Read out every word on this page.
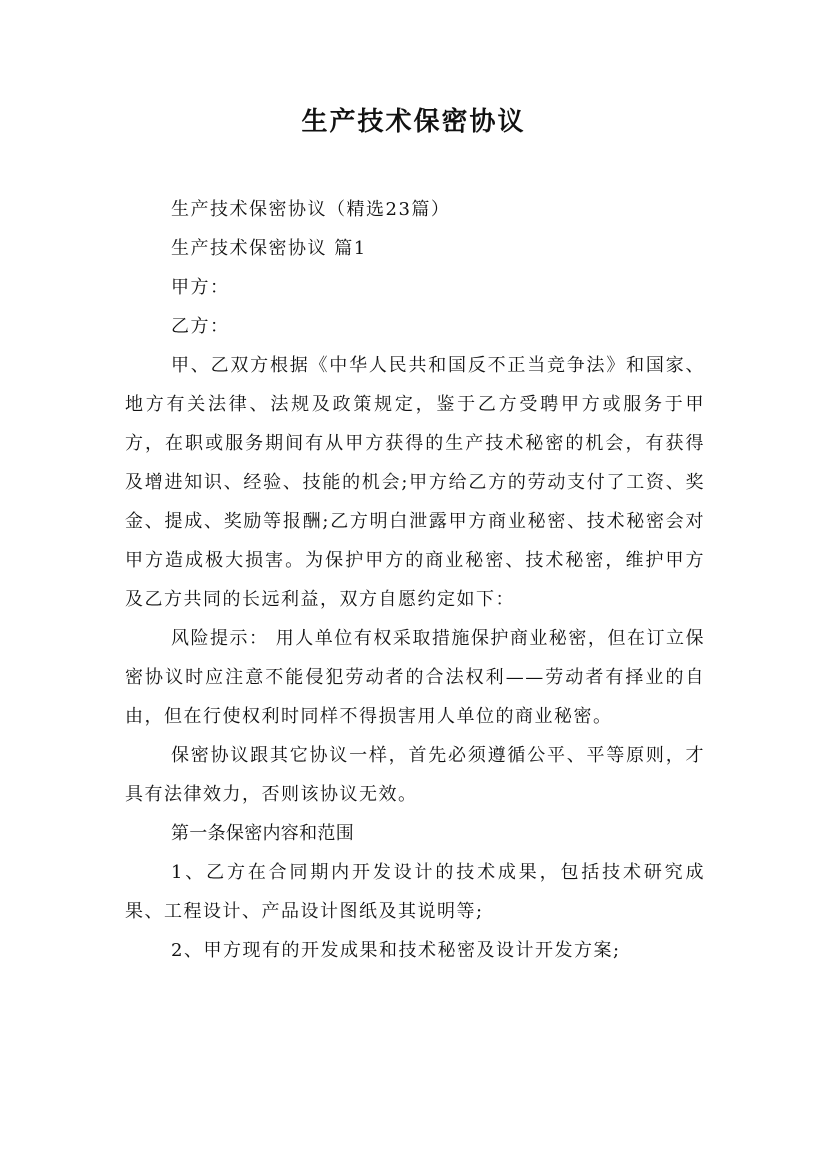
生产技术保密协议

生产技术保密协议（精选23篇）

生产技术保密协议 篇1

甲方：

乙方：

甲、乙双方根据《中华人民共和国反不正当竞争法》和国家、地方有关法律、法规及政策规定，鉴于乙方受聘甲方或服务于甲方，在职或服务期间有从甲方获得的生产技术秘密的机会，有获得及增进知识、经验、技能的机会;甲方给乙方的劳动支付了工资、奖金、提成、奖励等报酬;乙方明白泄露甲方商业秘密、技术秘密会对甲方造成极大损害。为保护甲方的商业秘密、技术秘密，维护甲方及乙方共同的长远利益，双方自愿约定如下：

风险提示： 用人单位有权采取措施保护商业秘密，但在订立保密协议时应注意不能侵犯劳动者的合法权利——劳动者有择业的自由，但在行使权利时同样不得损害用人单位的商业秘密。

保密协议跟其它协议一样，首先必须遵循公平、平等原则，才具有法律效力，否则该协议无效。

第一条保密内容和范围

1、乙方在合同期内开发设计的技术成果，包括技术研究成果、工程设计、产品设计图纸及其说明等;

2、甲方现有的开发成果和技术秘密及设计开发方案;
